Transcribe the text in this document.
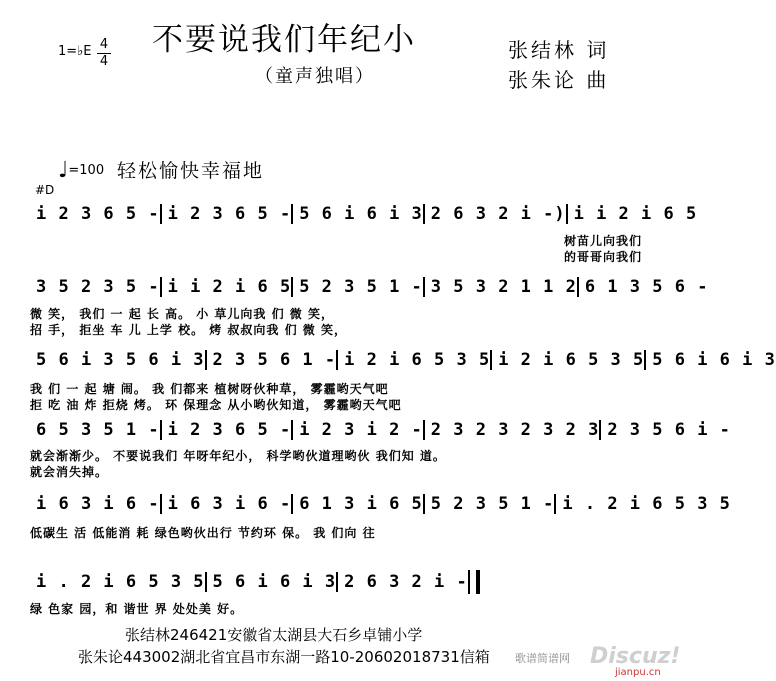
不要说我们年纪小
（童声独唱）
1=♭E 4
4	张结林 词
张朱论 曲
♩=100 轻松愉快幸福地
#D
i 2 3 6 5 - i 2 3 6 5 - 5 6 i 6 i 3 2 6 3 2 i -) i i 2 i 6 5
树苗儿向我们
的哥哥向我们
3 5 2 3 5 - i i 2 i 6 5 5 2 3 5 1 - 3 5 3 2 1 1 2 6 1 3 5 6 -
微 笑， 我们 一 起 长 高。 小 草儿向我 们 微 笑，
招 手， 拒坐 车 儿 上学 校。 烤 叔叔向我 们 微 笑，
5 6 i 3 5 6 i 3 2 3 5 6 1 - i 2 i 6 5 3 5 i 2 i 6 5 3 5 5 6 i 6 i 3
我 们 一 起 塘 闹。 我 们都来 植树呀伙种草， 雾霾哟天气吧
拒 吃 油 炸 拒烧 烤。 环 保理念 从小哟伙知道， 雾霾哟天气吧
6 5 3 5 1 - i 2 3 6 5 - i 2 3 i 2 - 2 3 2 3 2 3 2 3 2 3 5 6 i -
就会渐渐少。 不要说我们 年呀年纪小， 科学哟伙道理哟伙 我们知 道。
就会消失掉。
i 6 3 i 6 - i 6 3 i 6 - 6 1 3 i 6 5 5 2 3 5 1 - i . 2 i 6 5 3 5
低碳生 活 低能消 耗 绿色哟伙出行 节约环 保。 我 们向 往
i . 2 i 6 5 3 5 5 6 i 6 i 3 2 6 3 2 i -
绿 色家 园，和 谐世 界 处处美 好。
张结林246421安徽省太湖县大石乡卓铺小学
张朱论443002湖北省宜昌市东湖一路10-20602018731信箱 歌谱简谱网 Discuz!
jianpu.cn
